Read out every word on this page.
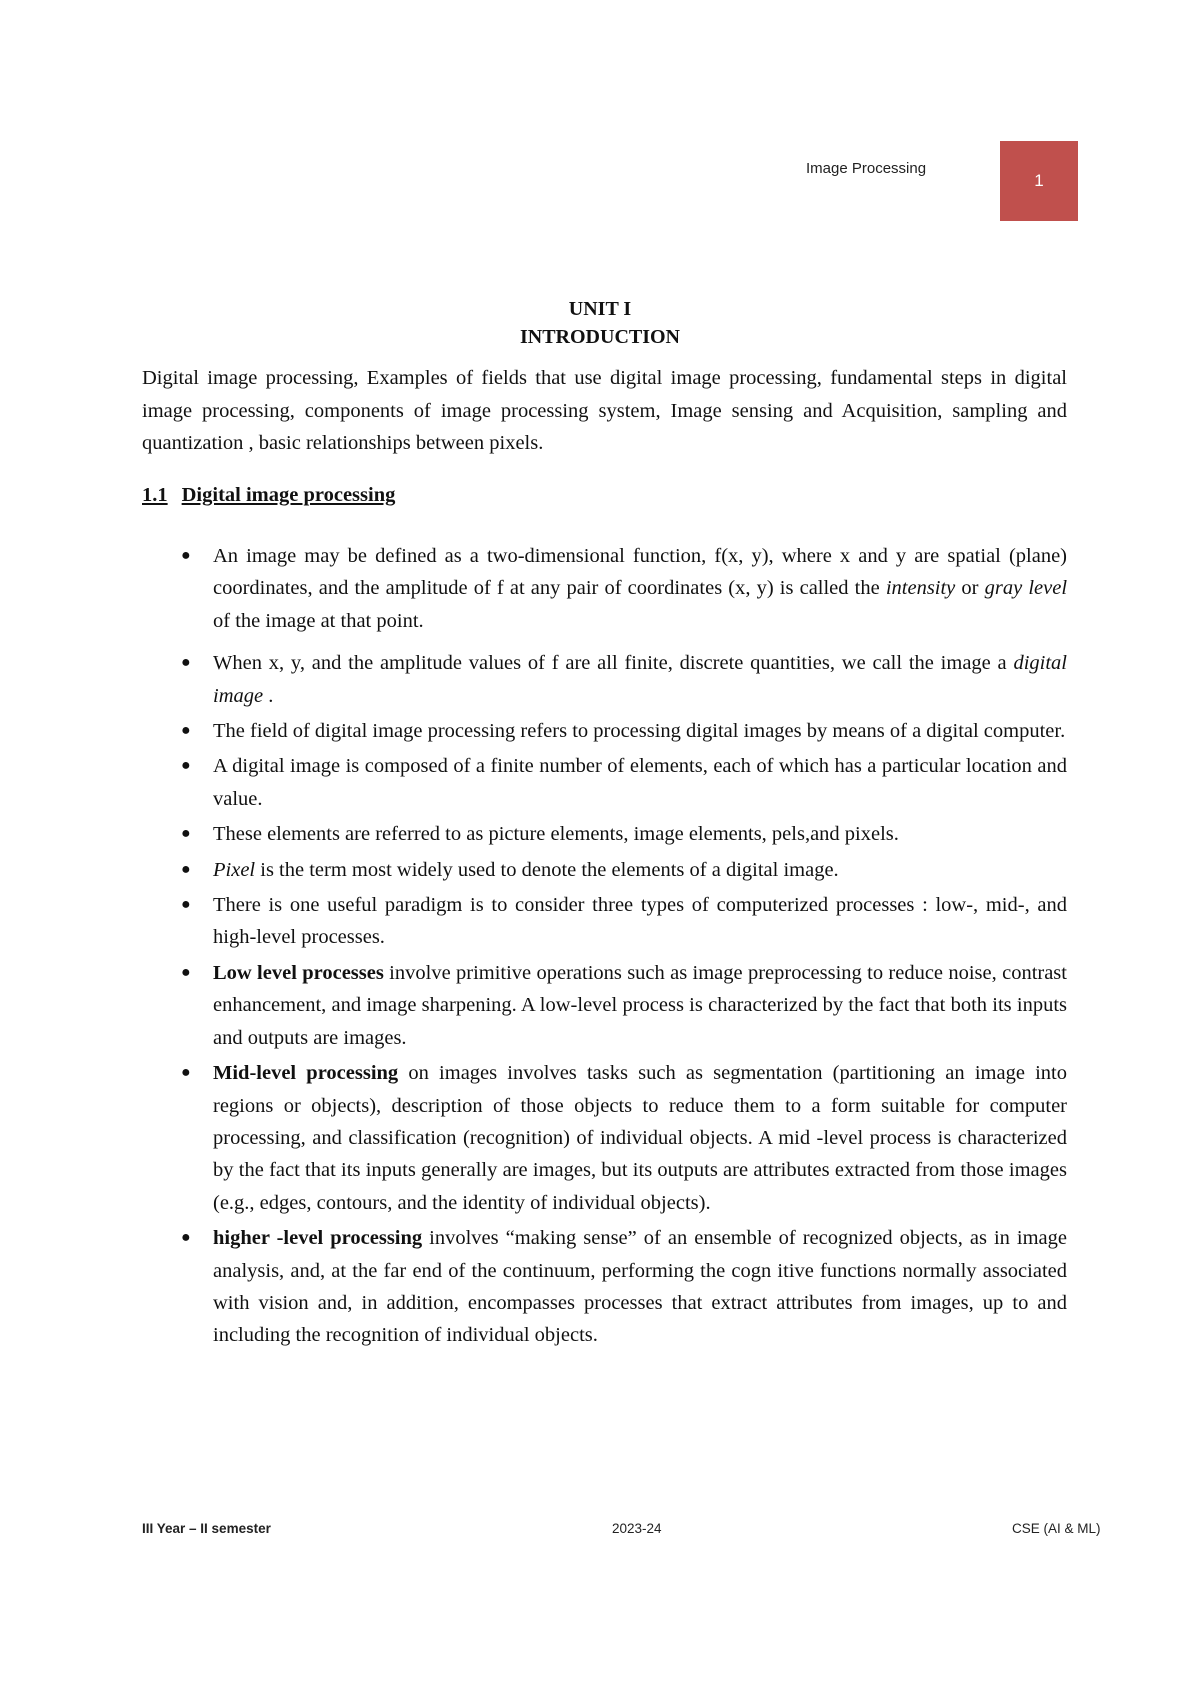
Image Processing
1
UNIT I
INTRODUCTION
Digital image processing, Examples of fields that use digital image processing, fundamental steps in digital image processing, components of image processing system, Image sensing and Acquisition, sampling and quantization , basic relationships between pixels.
1.1 Digital image processing
● An image may be defined as a two-dimensional function, f(x, y), where x and y are spatial (plane) coordinates, and the amplitude of f at any pair of coordinates (x, y) is called the intensity or gray level of the image at that point.
● When x, y, and the amplitude values of f are all finite, discrete quantities, we call the image a digital image .
● The field of digital image processing refers to processing digital images by means of a digital computer.
● A digital image is composed of a finite number of elements, each of which has a particular location and value.
● These elements are referred to as picture elements, image elements, pels,and pixels.
● Pixel is the term most widely used to denote the elements of a digital image.
● There is one useful paradigm is to consider three types of computerized processes : low-, mid-, and high-level processes.
● Low level processes involve primitive operations such as image preprocessing to reduce noise, contrast enhancement, and image sharpening. A low-level process is characterized by the fact that both its inputs and outputs are images.
● Mid-level processing on images involves tasks such as segmentation (partitioning an image into regions or objects), description of those objects to reduce them to a form suitable for computer processing, and classification (recognition) of individual objects. A mid -level process is characterized by the fact that its inputs generally are images, but its outputs are attributes extracted from those images (e.g., edges, contours, and the identity of individual objects).
● higher -level processing involves “making sense” of an ensemble of recognized objects, as in image analysis, and, at the far end of the continuum, performing the cogn itive functions normally associated with vision and, in addition, encompasses processes that extract attributes from images, up to and including the recognition of individual objects.
III Year – II semester	2023-24	CSE (AI & ML)
